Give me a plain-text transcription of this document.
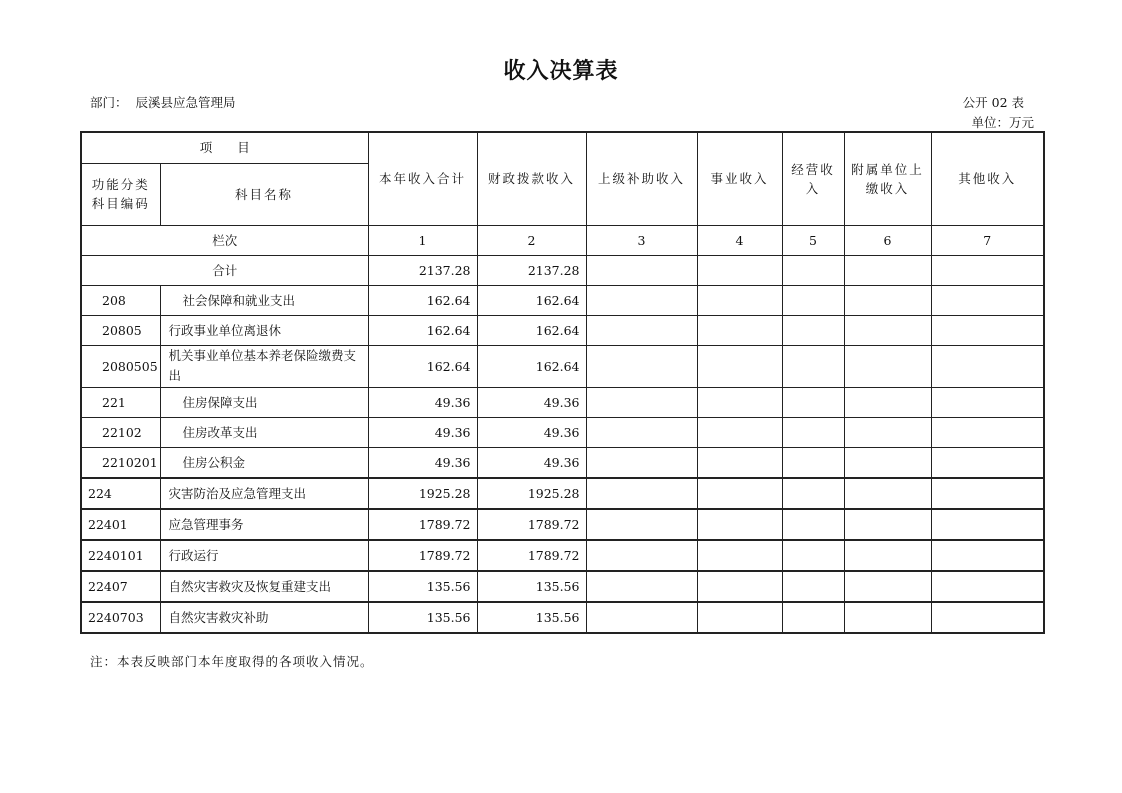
收入决算表
部门： 辰溪县应急管理局	公开 02 表
单位：万元
项　　目		本年收入合计	财政拨款收入	上级补助收入	事业收入	经营收入	附属单位上缴收入	其他收入
功能分类科目编码	科目名称							
栏次		1	2	3	4	5	6	7
合计		2137.28	2137.28					
208	社会保障和就业支出	162.64	162.64					
20805	行政事业单位离退休	162.64	162.64					
2080505	机关事业单位基本养老保险缴费支出	162.64	162.64					
221	住房保障支出	49.36	49.36					
22102	住房改革支出	49.36	49.36					
2210201	住房公积金	49.36	49.36					
224	灾害防治及应急管理支出	1925.28	1925.28					
22401	应急管理事务	1789.72	1789.72					
2240101	行政运行	1789.72	1789.72					
22407	自然灾害救灾及恢复重建支出	135.56	135.56					
2240703	自然灾害救灾补助	135.56	135.56					
注：本表反映部门本年度取得的各项收入情况。
